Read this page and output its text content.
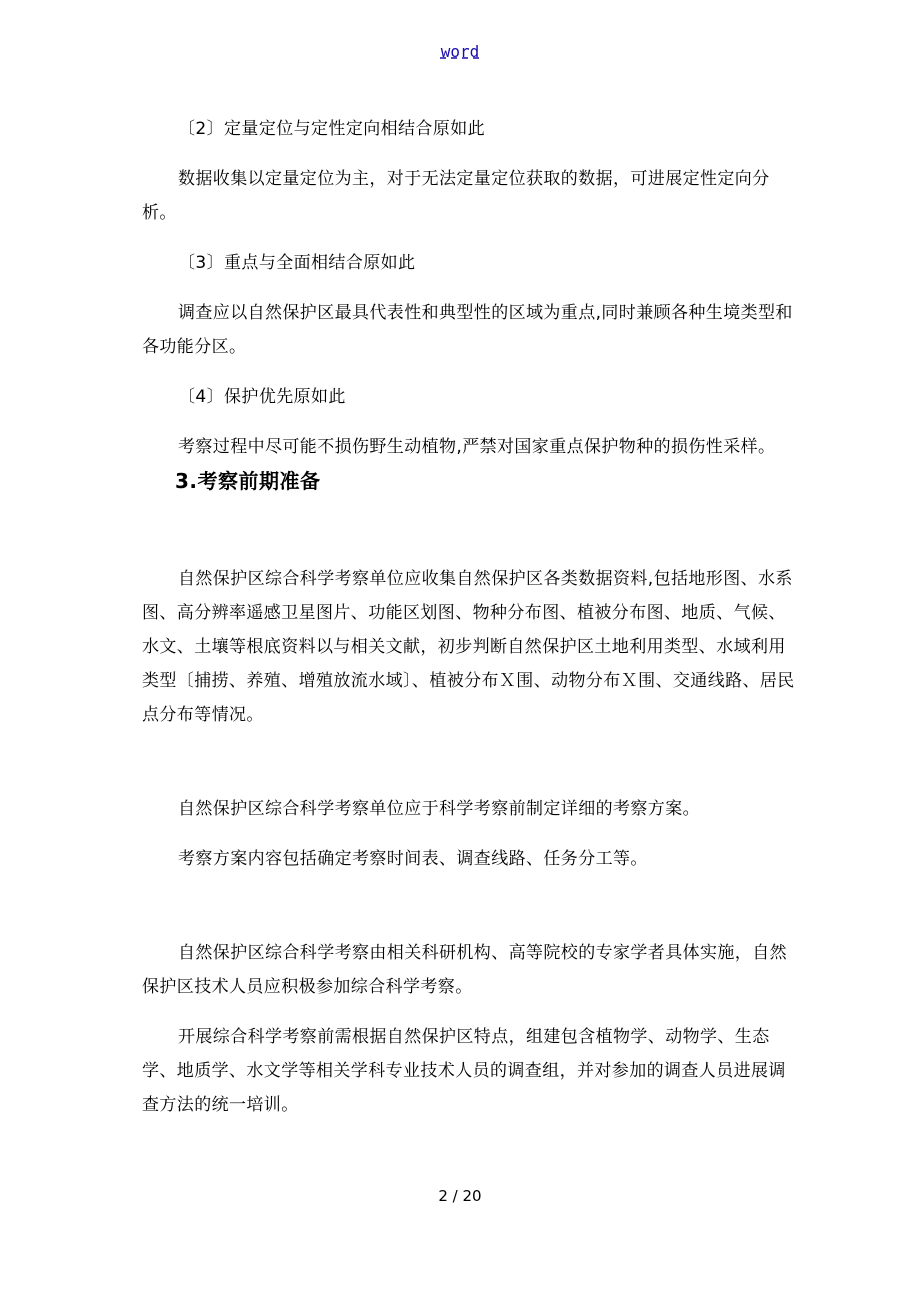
word

〔2〕定量定位与定性定向相结合原如此

数据收集以定量定位为主，对于无法定量定位获取的数据，可进展定性定向分析。

〔3〕重点与全面相结合原如此

调查应以自然保护区最具代表性和典型性的区域为重点,同时兼顾各种生境类型和各功能分区。

〔4〕保护优先原如此

考察过程中尽可能不损伤野生动植物,严禁对国家重点保护物种的损伤性采样。

3.考察前期准备

自然保护区综合科学考察单位应收集自然保护区各类数据资料,包括地形图、水系图、高分辨率遥感卫星图片、功能区划图、物种分布图、植被分布图、地质、气候、水文、土壤等根底资料以与相关文献，初步判断自然保护区土地利用类型、水域利用类型〔捕捞、养殖、增殖放流水域〕、植被分布Ｘ围、动物分布Ｘ围、交通线路、居民点分布等情况。

自然保护区综合科学考察单位应于科学考察前制定详细的考察方案。

考察方案内容包括确定考察时间表、调查线路、任务分工等。

自然保护区综合科学考察由相关科研机构、高等院校的专家学者具体实施，自然保护区技术人员应积极参加综合科学考察。

开展综合科学考察前需根据自然保护区特点，组建包含植物学、动物学、生态学、地质学、水文学等相关学科专业技术人员的调查组，并对参加的调查人员进展调查方法的统一培训。

2 / 20
